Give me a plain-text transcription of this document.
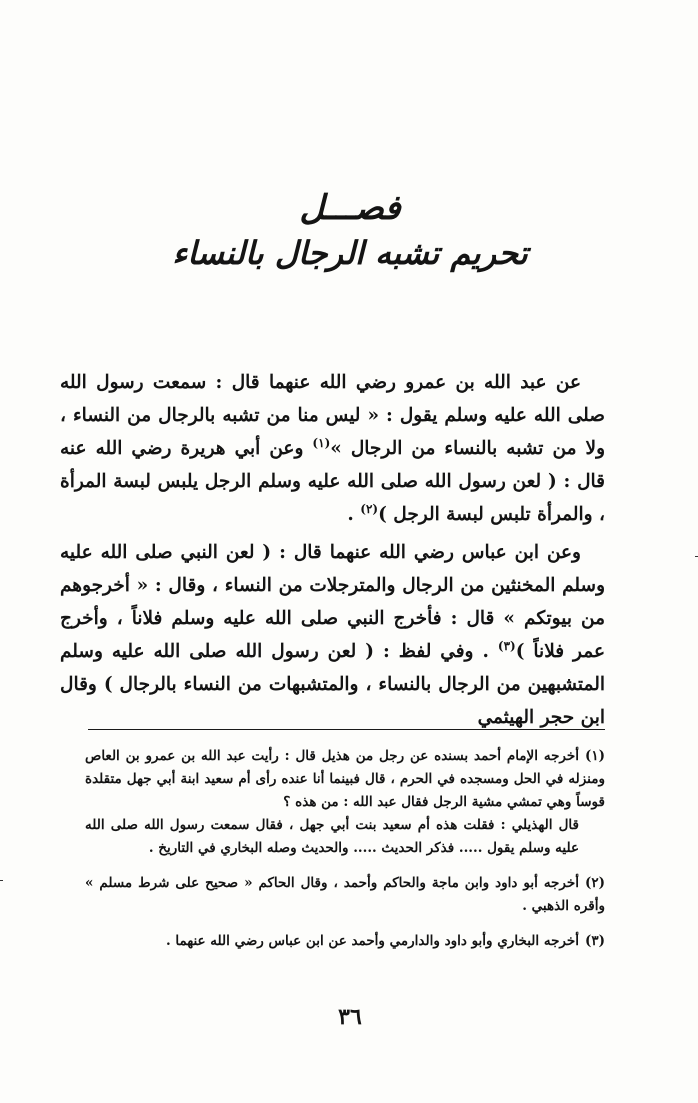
فصـــل
تحريم تشبه الرجال بالنساء

عن عبد الله بن عمرو رضي الله عنهما قال : سمعت رسول الله صلى الله عليه وسلم يقول : « ليس منا من تشبه بالرجال من النساء ، ولا من تشبه بالنساء من الرجال »$^{(١)}$ وعن أبي هريرة رضي الله عنه قال : ( لعن رسول الله صلى الله عليه وسلم الرجل يلبس لبسة المرأة ، والمرأة تلبس لبسة الرجل )$^{(٢)}$ .

وعن ابن عباس رضي الله عنهما قال : ( لعن النبي صلى الله عليه وسلم المخنثين من الرجال والمترجلات من النساء ، وقال : « أخرجوهم من بيوتكم » قال : فأخرج النبي صلى الله عليه وسلم فلاناً ، وأخرج عمر فلاناً )$^{(٣)}$ . وفي لفظ : ( لعن رسول الله صلى الله عليه وسلم المتشبهين من الرجال بالنساء ، والمتشبهات من النساء بالرجال ) وقال ابن حجر الهيثمي

(١)أخرجه الإمام أحمد بسنده عن رجل من هذيل قال : رأيت عبد الله بن عمرو بن العاص ومنزله في الحل ومسجده في الحرم ، قال فبينما أنا عنده رأى أم سعيد ابنة أبي جهل متقلدة قوساً وهي تمشي مشية الرجل فقال عبد الله : من هذه ؟

قال الهذيلي : فقلت هذه أم سعيد بنت أبي جهل ، فقال سمعت رسول الله صلى الله عليه وسلم يقول ..... فذكر الحديث ..... والحديث وصله البخاري في التاريخ .

(٢)أخرجه أبو داود وابن ماجة والحاكم وأحمد ، وقال الحاكم « صحيح على شرط مسلم » وأقره الذهبي .

(٣)أخرجه البخاري وأبو داود والدارمي وأحمد عن ابن عباس رضي الله عنهما .

٣٦
